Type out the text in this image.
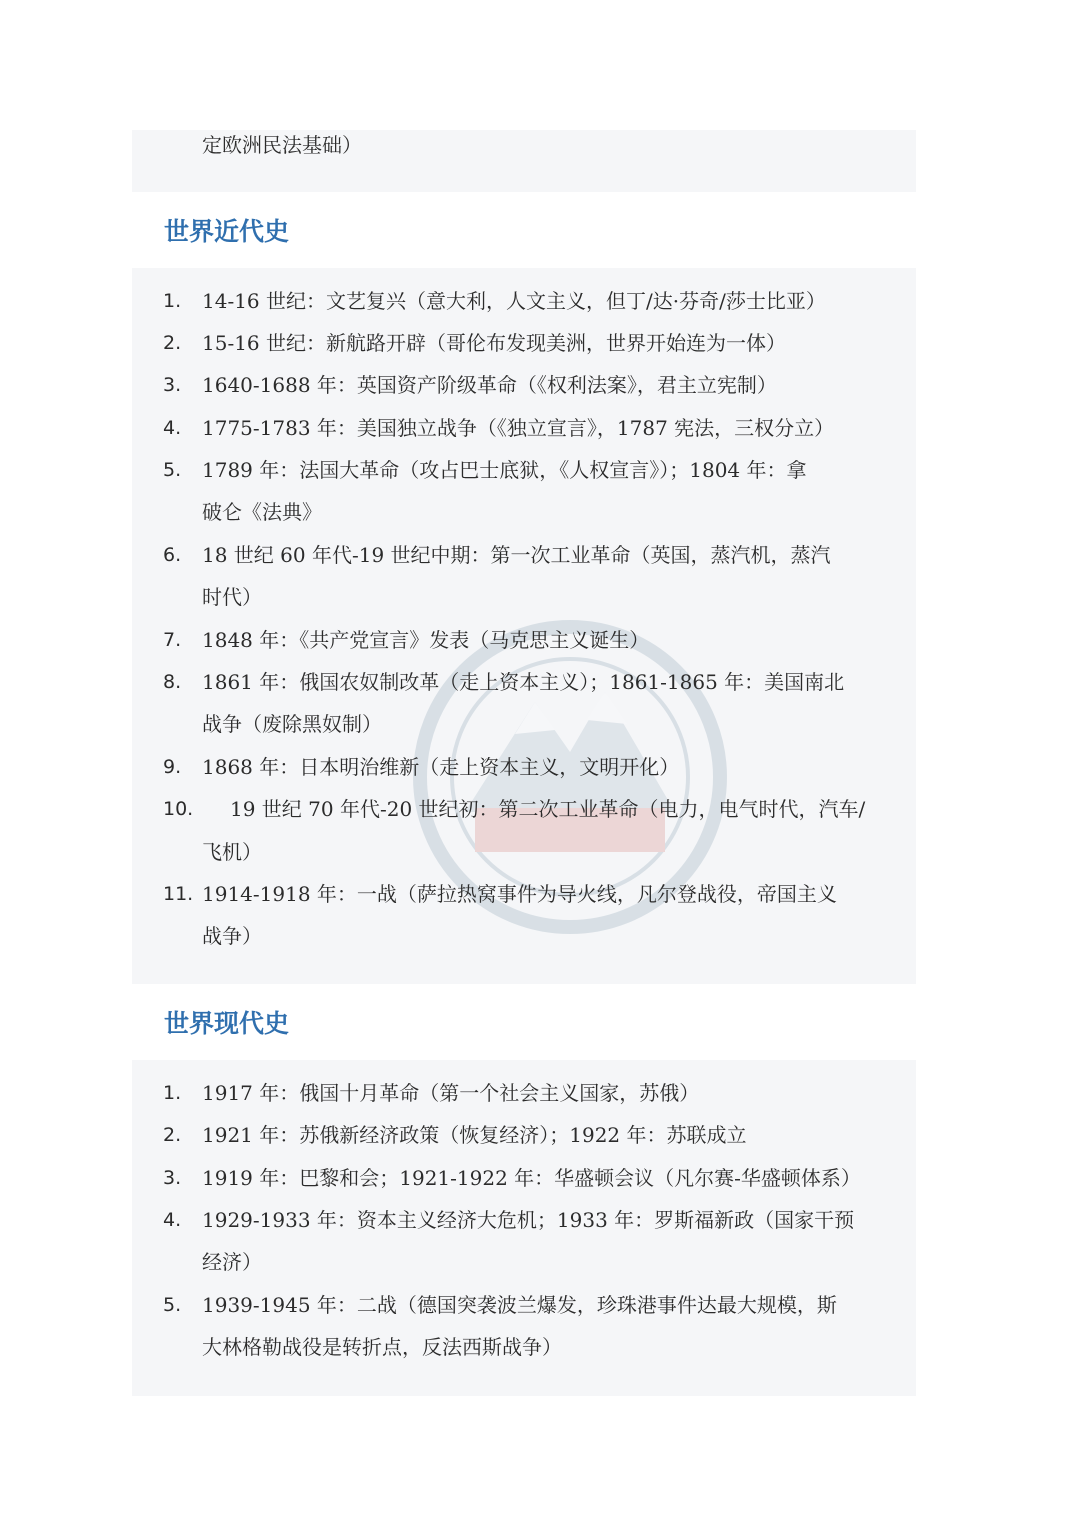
定欧洲民法基础）
世界近代史
1. 14-16 世纪：文艺复兴（意大利，人文主义，但丁/达·芬奇/莎士比亚）
2. 15-16 世纪：新航路开辟（哥伦布发现美洲，世界开始连为一体）
3. 1640-1688 年：英国资产阶级革命（《权利法案》，君主立宪制）
4. 1775-1783 年：美国独立战争（《独立宣言》，1787 宪法，三权分立）
5. 1789 年：法国大革命（攻占巴士底狱，《人权宣言》）；1804 年：拿
破仑《法典》
6. 18 世纪 60 年代-19 世纪中期：第一次工业革命（英国，蒸汽机，蒸汽
时代）
7. 1848 年：《共产党宣言》发表（马克思主义诞生）
8. 1861 年：俄国农奴制改革（走上资本主义）；1861-1865 年：美国南北
战争（废除黑奴制）
9. 1868 年：日本明治维新（走上资本主义，文明开化）
10. 19 世纪 70 年代-20 世纪初：第二次工业革命（电力，电气时代，汽车/
飞机）
11. 1914-1918 年：一战（萨拉热窝事件为导火线，凡尔登战役，帝国主义
战争）
世界现代史
1. 1917 年：俄国十月革命（第一个社会主义国家，苏俄）
2. 1921 年：苏俄新经济政策（恢复经济）；1922 年：苏联成立
3. 1919 年：巴黎和会；1921-1922 年：华盛顿会议（凡尔赛-华盛顿体系）
4. 1929-1933 年：资本主义经济大危机；1933 年：罗斯福新政（国家干预
经济）
5. 1939-1945 年：二战（德国突袭波兰爆发，珍珠港事件达最大规模，斯
大林格勒战役是转折点，反法西斯战争）
